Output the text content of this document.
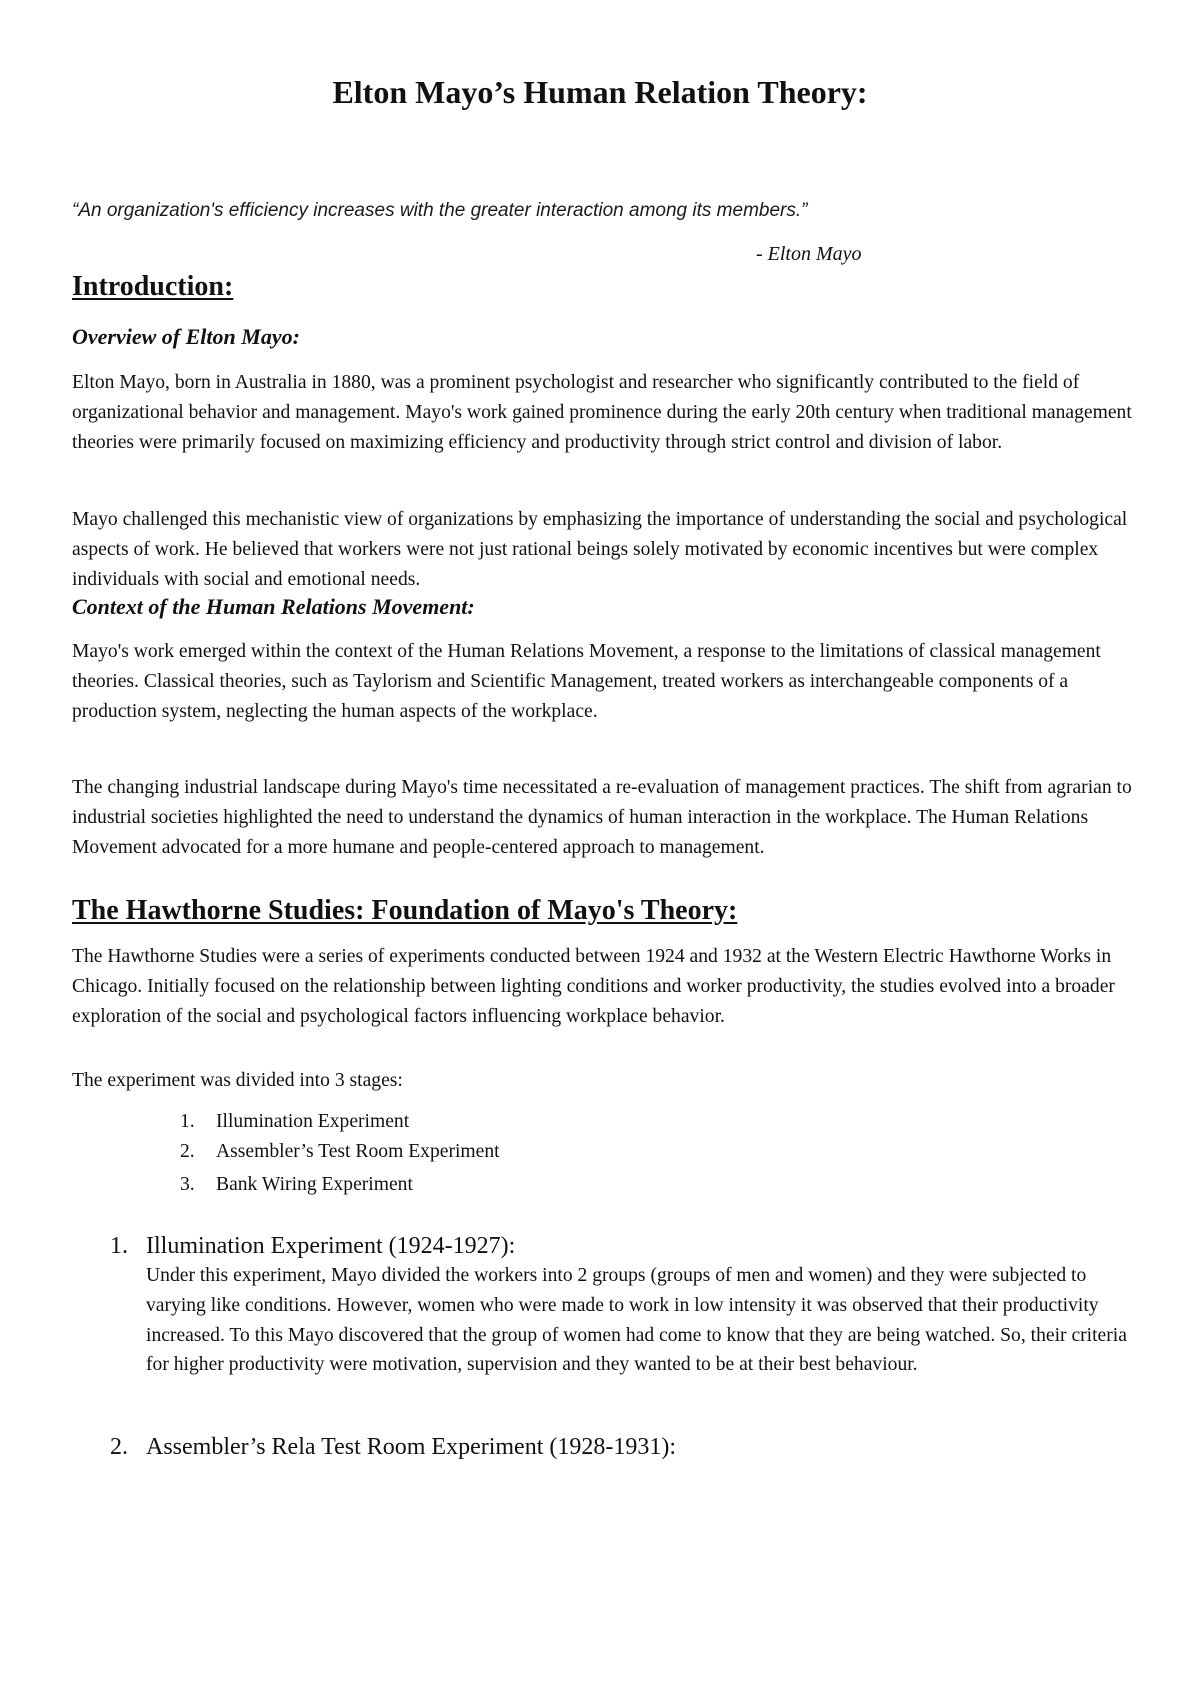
Elton Mayo’s Human Relation Theory:

“An organization's efficiency increases with the greater interaction among its members.”

- Elton Mayo

Introduction:
Overview of Elton Mayo:

Elton Mayo, born in Australia in 1880, was a prominent psychologist and researcher who significantly contributed to the field of organizational behavior and management. Mayo's work gained prominence during the early 20th century when traditional management theories were primarily focused on maximizing efficiency and productivity through strict control and division of labor.

Mayo challenged this mechanistic view of organizations by emphasizing the importance of understanding the social and psychological aspects of work. He believed that workers were not just rational beings solely motivated by economic incentives but were complex individuals with social and emotional needs.

Context of the Human Relations Movement:

Mayo's work emerged within the context of the Human Relations Movement, a response to the limitations of classical management theories. Classical theories, such as Taylorism and Scientific Management, treated workers as interchangeable components of a production system, neglecting the human aspects of the workplace.

The changing industrial landscape during Mayo's time necessitated a re-evaluation of management practices. The shift from agrarian to industrial societies highlighted the need to understand the dynamics of human interaction in the workplace. The Human Relations Movement advocated for a more humane and people-centered approach to management.

The Hawthorne Studies: Foundation of Mayo's Theory:

The Hawthorne Studies were a series of experiments conducted between 1924 and 1932 at the Western Electric Hawthorne Works in Chicago. Initially focused on the relationship between lighting conditions and worker productivity, the studies evolved into a broader exploration of the social and psychological factors influencing workplace behavior.

The experiment was divided into 3 stages:

1. Illumination Experiment
2. Assembler’s Test Room Experiment
3. Bank Wiring Experiment
1. Illumination Experiment (1924-1927):
Under this experiment, Mayo divided the workers into 2 groups (groups of men and women) and they were subjected to varying like conditions. However, women who were made to work in low intensity it was observed that their productivity increased. To this Mayo discovered that the group of women had come to know that they are being watched. So, their criteria for higher productivity were motivation, supervision and they wanted to be at their best behaviour.
2. Assembler’s Rela Test Room Experiment (1928-1931):
